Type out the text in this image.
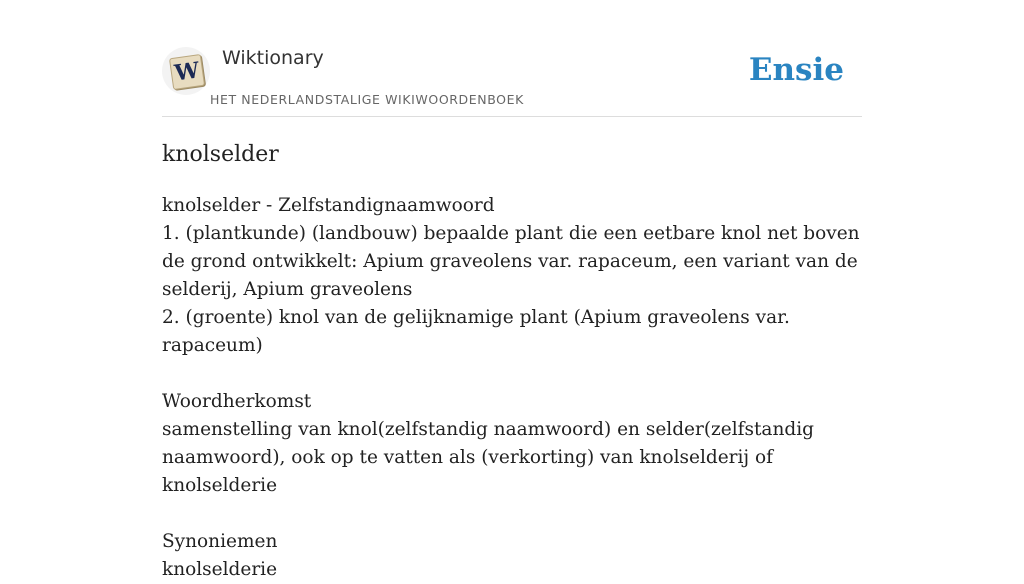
W Wiktionary
HET NEDERLANDSTALIGE WIKIWOORDENBOEK
Ensie
knolselder

knolselder - Zelfstandignaamwoord

1. (plantkunde) (landbouw) bepaalde plant die een eetbare knol net boven de grond ontwikkelt: Apium graveolens var. rapaceum, een variant van de selderij, Apium graveolens

2. (groente) knol van de gelijknamige plant (Apium graveolens var. rapaceum)

Woordherkomst

samenstelling van knol(zelfstandig naamwoord) en selder(zelfstandig naamwoord), ook op te vatten als (verkorting) van knolselderij of knolselderie

Synoniemen

knolselderie
